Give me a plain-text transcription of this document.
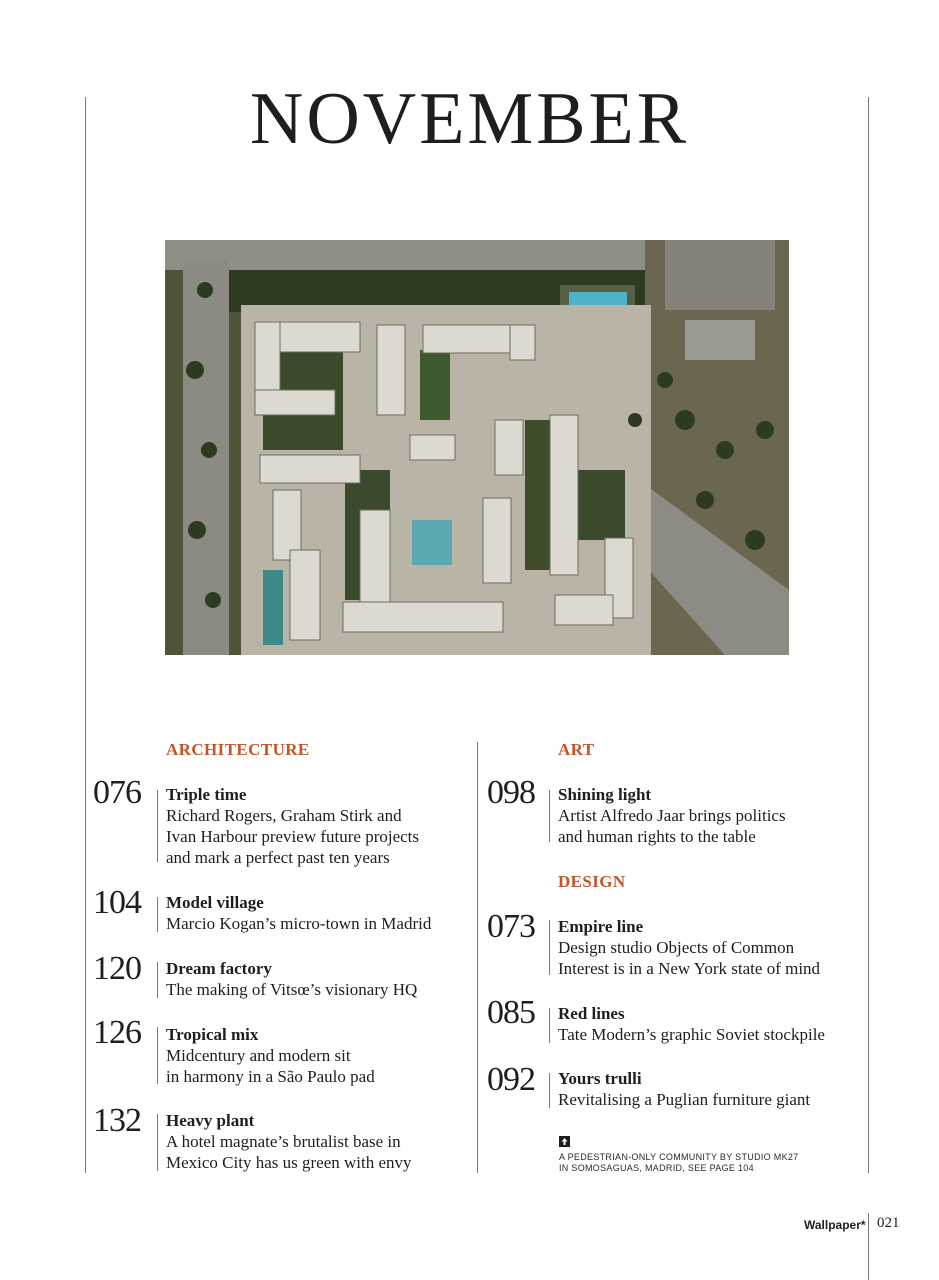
NOVEMBER
ARCHITECTURE
076 Triple time
Richard Rogers, Graham Stirk and
Ivan Harbour preview future projects
and mark a perfect past ten years
104 Model village
Marcio Kogan’s micro-town in Madrid
120 Dream factory
The making of Vitsœ’s visionary HQ
126 Tropical mix
Midcentury and modern sit
in harmony in a São Paulo pad
132 Heavy plant
A hotel magnate’s brutalist base in
Mexico City has us green with envy
ART
098 Shining light
Artist Alfredo Jaar brings politics
and human rights to the table
DESIGN
073 Empire line
Design studio Objects of Common
Interest is in a New York state of mind
085 Red lines
Tate Modern’s graphic Soviet stockpile
092 Yours trulli
Revitalising a Puglian furniture giant
A PEDESTRIAN-ONLY COMMUNITY BY STUDIO MK27
IN SOMOSAGUAS, MADRID, SEE PAGE 104
Wallpaper* 021
